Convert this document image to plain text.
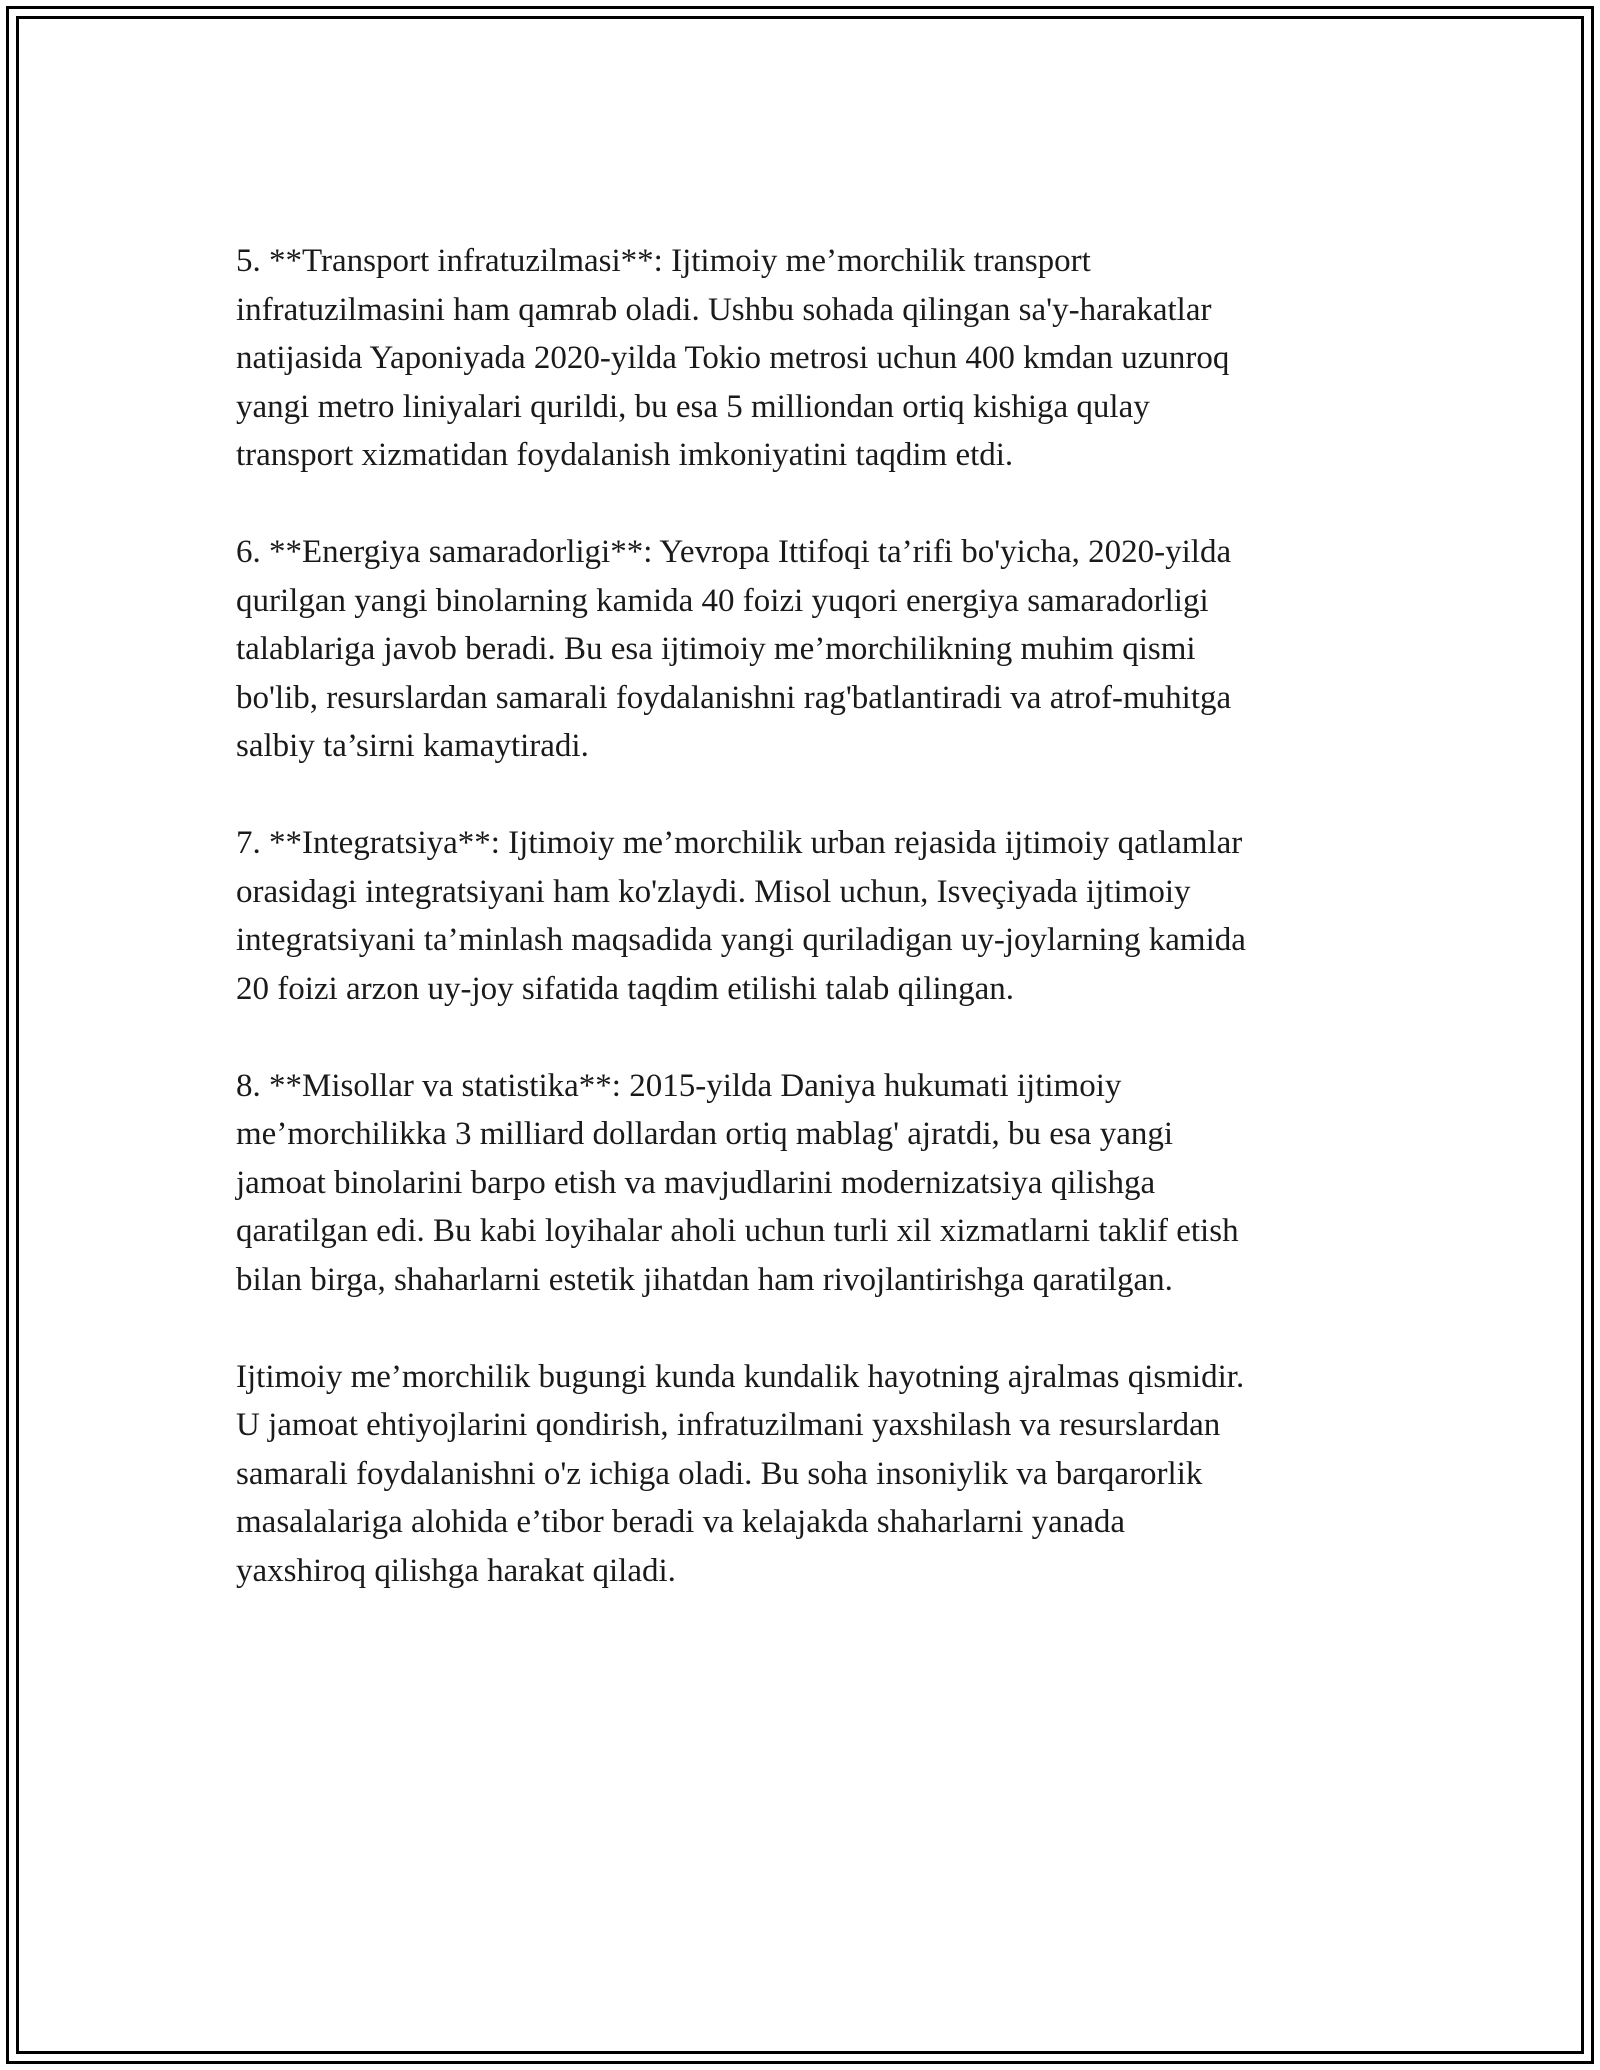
5. **Transport infratuzilmasi**: Ijtimoiy me’morchilik transport
infratuzilmasini ham qamrab oladi. Ushbu sohada qilingan sa'y-harakatlar
natijasida Yaponiyada 2020-yilda Tokio metrosi uchun 400 kmdan uzunroq
yangi metro liniyalari qurildi, bu esa 5 milliondan ortiq kishiga qulay
transport xizmatidan foydalanish imkoniyatini taqdim etdi.

6. **Energiya samaradorligi**: Yevropa Ittifoqi ta’rifi bo'yicha, 2020-yilda
qurilgan yangi binolarning kamida 40 foizi yuqori energiya samaradorligi
talablariga javob beradi. Bu esa ijtimoiy me’morchilikning muhim qismi
bo'lib, resurslardan samarali foydalanishni rag'batlantiradi va atrof-muhitga
salbiy ta’sirni kamaytiradi.

7. **Integratsiya**: Ijtimoiy me’morchilik urban rejasida ijtimoiy qatlamlar
orasidagi integratsiyani ham ko'zlaydi. Misol uchun, Isveçiyada ijtimoiy
integratsiyani ta’minlash maqsadida yangi quriladigan uy-joylarning kamida
20 foizi arzon uy-joy sifatida taqdim etilishi talab qilingan.

8. **Misollar va statistika**: 2015-yilda Daniya hukumati ijtimoiy
me’morchilikka 3 milliard dollardan ortiq mablag' ajratdi, bu esa yangi
jamoat binolarini barpo etish va mavjudlarini modernizatsiya qilishga
qaratilgan edi. Bu kabi loyihalar aholi uchun turli xil xizmatlarni taklif etish
bilan birga, shaharlarni estetik jihatdan ham rivojlantirishga qaratilgan.

Ijtimoiy me’morchilik bugungi kunda kundalik hayotning ajralmas qismidir.
U jamoat ehtiyojlarini qondirish, infratuzilmani yaxshilash va resurslardan
samarali foydalanishni o'z ichiga oladi. Bu soha insoniylik va barqarorlik
masalalariga alohida e’tibor beradi va kelajakda shaharlarni yanada
yaxshiroq qilishga harakat qiladi.
